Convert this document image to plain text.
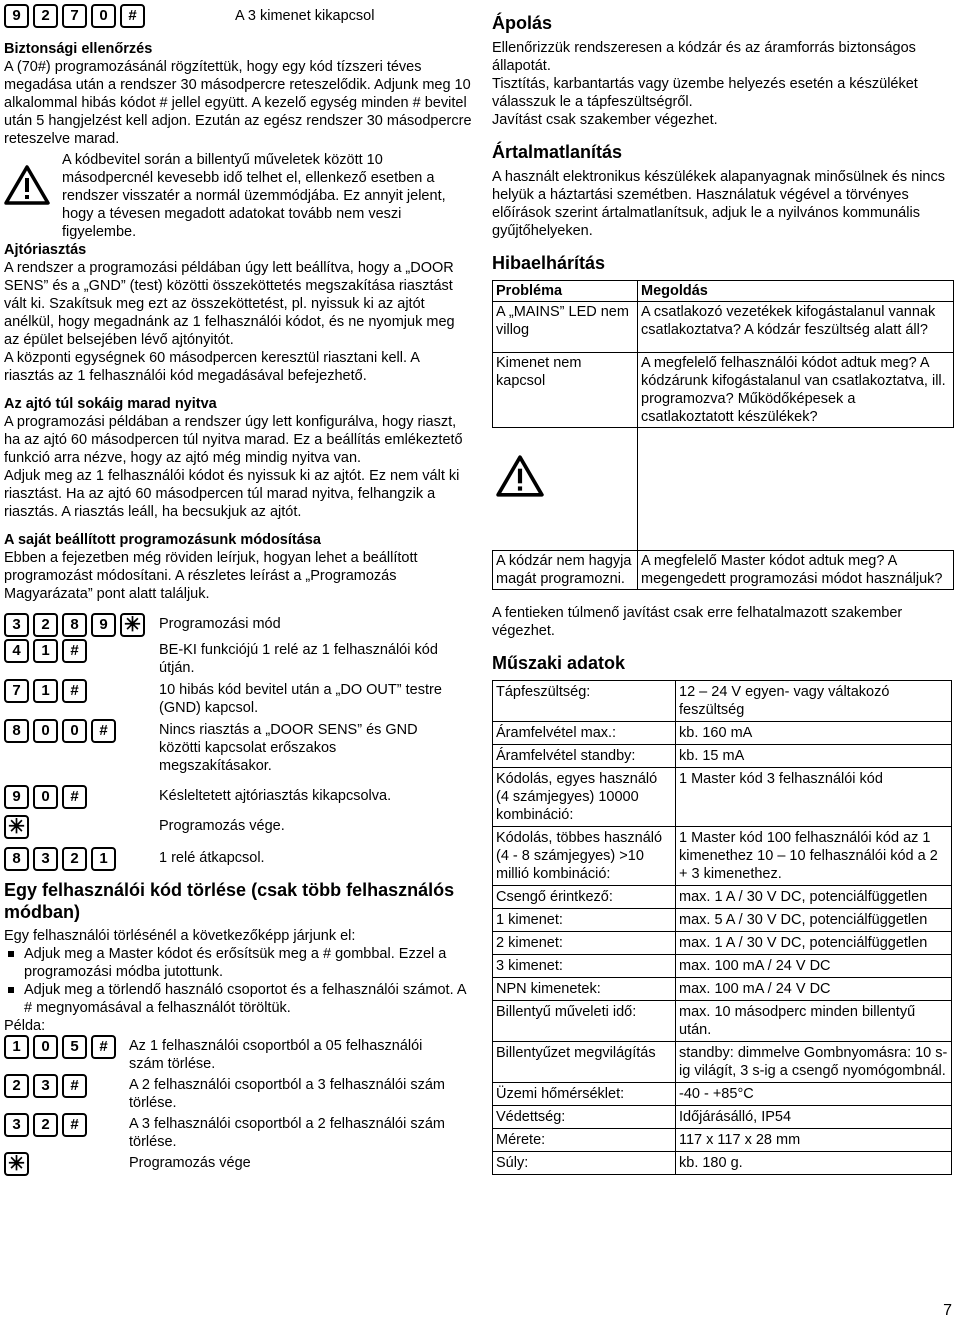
9	2	7	0	#	A 3 kimenet kikapcsol

Biztonsági ellenőrzés

A (70#) programozásánál rögzítettük, hogy egy kód tízszeri téves megadása után a rendszer 30 másodpercre reteszelődik. Adjunk meg 10 alkalommal hibás kódot # jellel együtt. A kezelő egység minden # bevitel után 5 hangjelzést kell adjon. Ezután az egész rendszer 30 másodpercre reteszelve marad.

A kódbevitel során a billentyű műveletek között 10 másodpercnél kevesebb idő telhet el, ellenkező esetben a rendszer visszatér a normál üzemmódjába. Ez annyit jelent, hogy a tévesen megadott adatokat tovább nem veszi figyelembe.

Ajtóriasztás

A rendszer a programozási példában úgy lett beállítva, hogy a „DOOR SENS” és a „GND” (test) közötti összeköttetés megszakítása riasztást vált ki. Szakítsuk meg ezt az összeköttetést, pl. nyissuk ki az ajtót anélkül, hogy megadnánk az 1 felhasználói kódot, és ne nyomjuk meg az épület belsejében lévő ajtónyitót.

A központi egységnek 60 másodpercen keresztül riasztani kell. A riasztás az 1 felhasználói kód megadásával befejezhető.

Az ajtó túl sokáig marad nyitva

A programozási példában a rendszer úgy lett konfigurálva, hogy riaszt, ha az ajtó 60 másodpercen túl nyitva marad. Ez a beállítás emlékeztető funkció arra nézve, hogy az ajtó még mindig nyitva van.

Adjuk meg az 1 felhasználói kódot és nyissuk ki az ajtót. Ez nem vált ki riasztást. Ha az ajtó 60 másodpercen túl marad nyitva, felhangzik a riasztás. A riasztás leáll, ha becsukjuk az ajtót.

A saját beállított programozásunk módosítása

Ebben a fejezetben még röviden leírjuk, hogyan lehet a beállított programozást módosítani. A részletes leírást a „Programozás Magyarázata” pont alatt találjuk.

3	2	8	9 ✳ Programozási mód
4	1	#	BE-KI funkciójú 1 relé az 1 felhasználói kód útján.
7	1	#	10 hibás kód bevitel után a „DO OUT” testre (GND) kapcsol.
8	0	0	#	Nincs riasztás a „DOOR SENS” és GND közötti kapcsolat erőszakos megszakításakor.
9	0	#	Késleltetett ajtóriasztás kikapcsolva.
✳	Programozás vége.
8	3	2	1	1 relé átkapcsol.

Egy felhasználói kód törlése (csak több felhasználós módban)

Egy felhasználói törlésénél a következőképp járjunk el:

Adjuk meg a Master kódot és erősítsük meg a # gombbal. Ezzel a programozási módba jutottunk.
Adjuk meg a törlendő használó csoportot és a felhasználói számot. A # megnyomásával a felhasználót töröltük.

Példa:

1	0	5	#	Az 1 felhasználói csoportból a 05 felhasználói szám törlése.
2	3	#	A 2 felhasználói csoportból a 3 felhasználói szám törlése.
3	2	#	A 3 felhasználói csoportból a 2 felhasználói szám törlése.
✳	Programozás vége

Ápolás

Ellenőrizzük rendszeresen a kódzár és az áramforrás biztonságos állapotát.

Tisztítás, karbantartás vagy üzembe helyezés esetén a készüléket válasszuk le a tápfeszültségről.

Javítást csak szakember végezhet.

Ártalmatlanítás

A használt elektronikus készülékek alapanyagnak minősülnek és nincs helyük a háztartási szemétben. Használatuk végével a törvényes előírások szerint ártalmatlanítsuk, adjuk le a nyilvános kommunális gyűjtőhelyeken.

Hibaelhárítás

Probléma	Megoldás
A „MAINS” LED nem villog	A csatlakozó vezetékek kifogástalanul vannak csatlakoztatva? A kódzár feszültség alatt áll?
Kimenet nem kapcsol	A megfelelő felhasználói kódot adtuk meg? A kódzárunk kifogástalanul van csatlakoztatva, ill. programozva? Működőképesek a csatlakoztatott készülékek?

A kódzár nem hagyja magát programozni.	A megfelelő Master kódot adtuk meg? A megengedett programozási módot használjuk?

A fentieken túlmenő javítást csak erre felhatalmazott szakember végezhet.

Műszaki adatok

Tápfeszültség:	12 – 24 V egyen- vagy váltakozó feszültség
Áramfelvétel max.:	kb. 160 mA
Áramfelvétel standby:	kb. 15 mA
Kódolás, egyes használó (4 számjegyes) 10000 kombináció:	1 Master kód 3 felhasználói kód
Kódolás, többes használó (4 - 8 számjegyes) >10 millió kombináció:	1 Master kód 100 felhasználói kód az 1 kimenethez 10 – 10 felhasználói kód a 2 + 3 kimenethez.
Csengő érintkező:	max. 1 A / 30 V DC, potenciálfüggetlen
1 kimenet:	max. 5 A / 30 V DC, potenciálfüggetlen
2 kimenet:	max. 1 A / 30 V DC, potenciálfüggetlen
3 kimenet:	max. 100 mA / 24 V DC
NPN kimenetek:	max. 100 mA / 24 V DC
Billentyű műveleti idő:	max. 10 másodperc minden billentyű után.
Billentyűzet megvilágítás	standby: dimmelve Gombnyomásra: 10 s-ig világít, 3 s-ig a csengő nyomógombnál.
Üzemi hőmérséklet:	-40 - +85°C
Védettség:	Időjárásálló, IP54
Mérete:	117 x 117 x 28 mm
Súly:	kb. 180 g.
7
